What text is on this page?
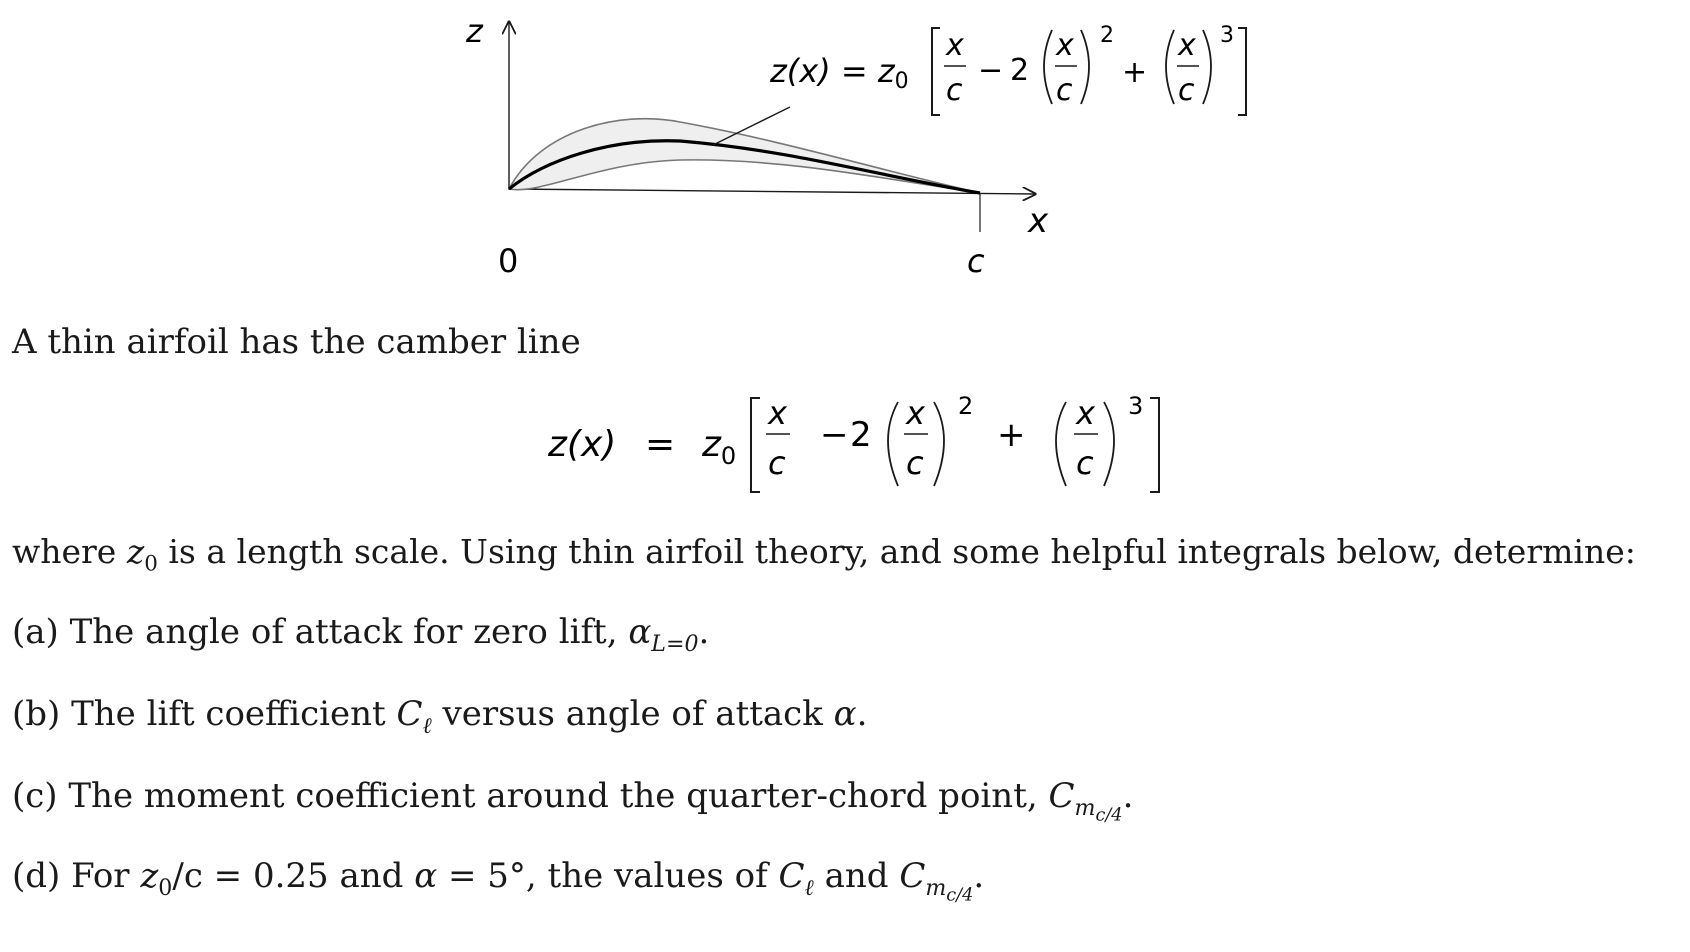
z
x
0	c
z(x) = z0
x
c
− 2
x
c
2
+
x
c
3
A thin airfoil has the camber line
$z(x) = z_0$
x
c
− 2
x
c
2
+
x
c
3
where $z_0$ is a length scale. Using thin airfoil theory, and some helpful integrals below, determine:
(a) The angle of attack for zero lift, $\alpha_{L=0}$.
(b) The lift coefficient $C_\ell$ versus angle of attack α.
(c) The moment coefficient around the quarter-chord point, $C_{m_{c/4}}$.
(d) For $z_0/c = 0.25$ and α = 5°, the values of $C_\ell$ and $C_{m_{c/4}}$.
